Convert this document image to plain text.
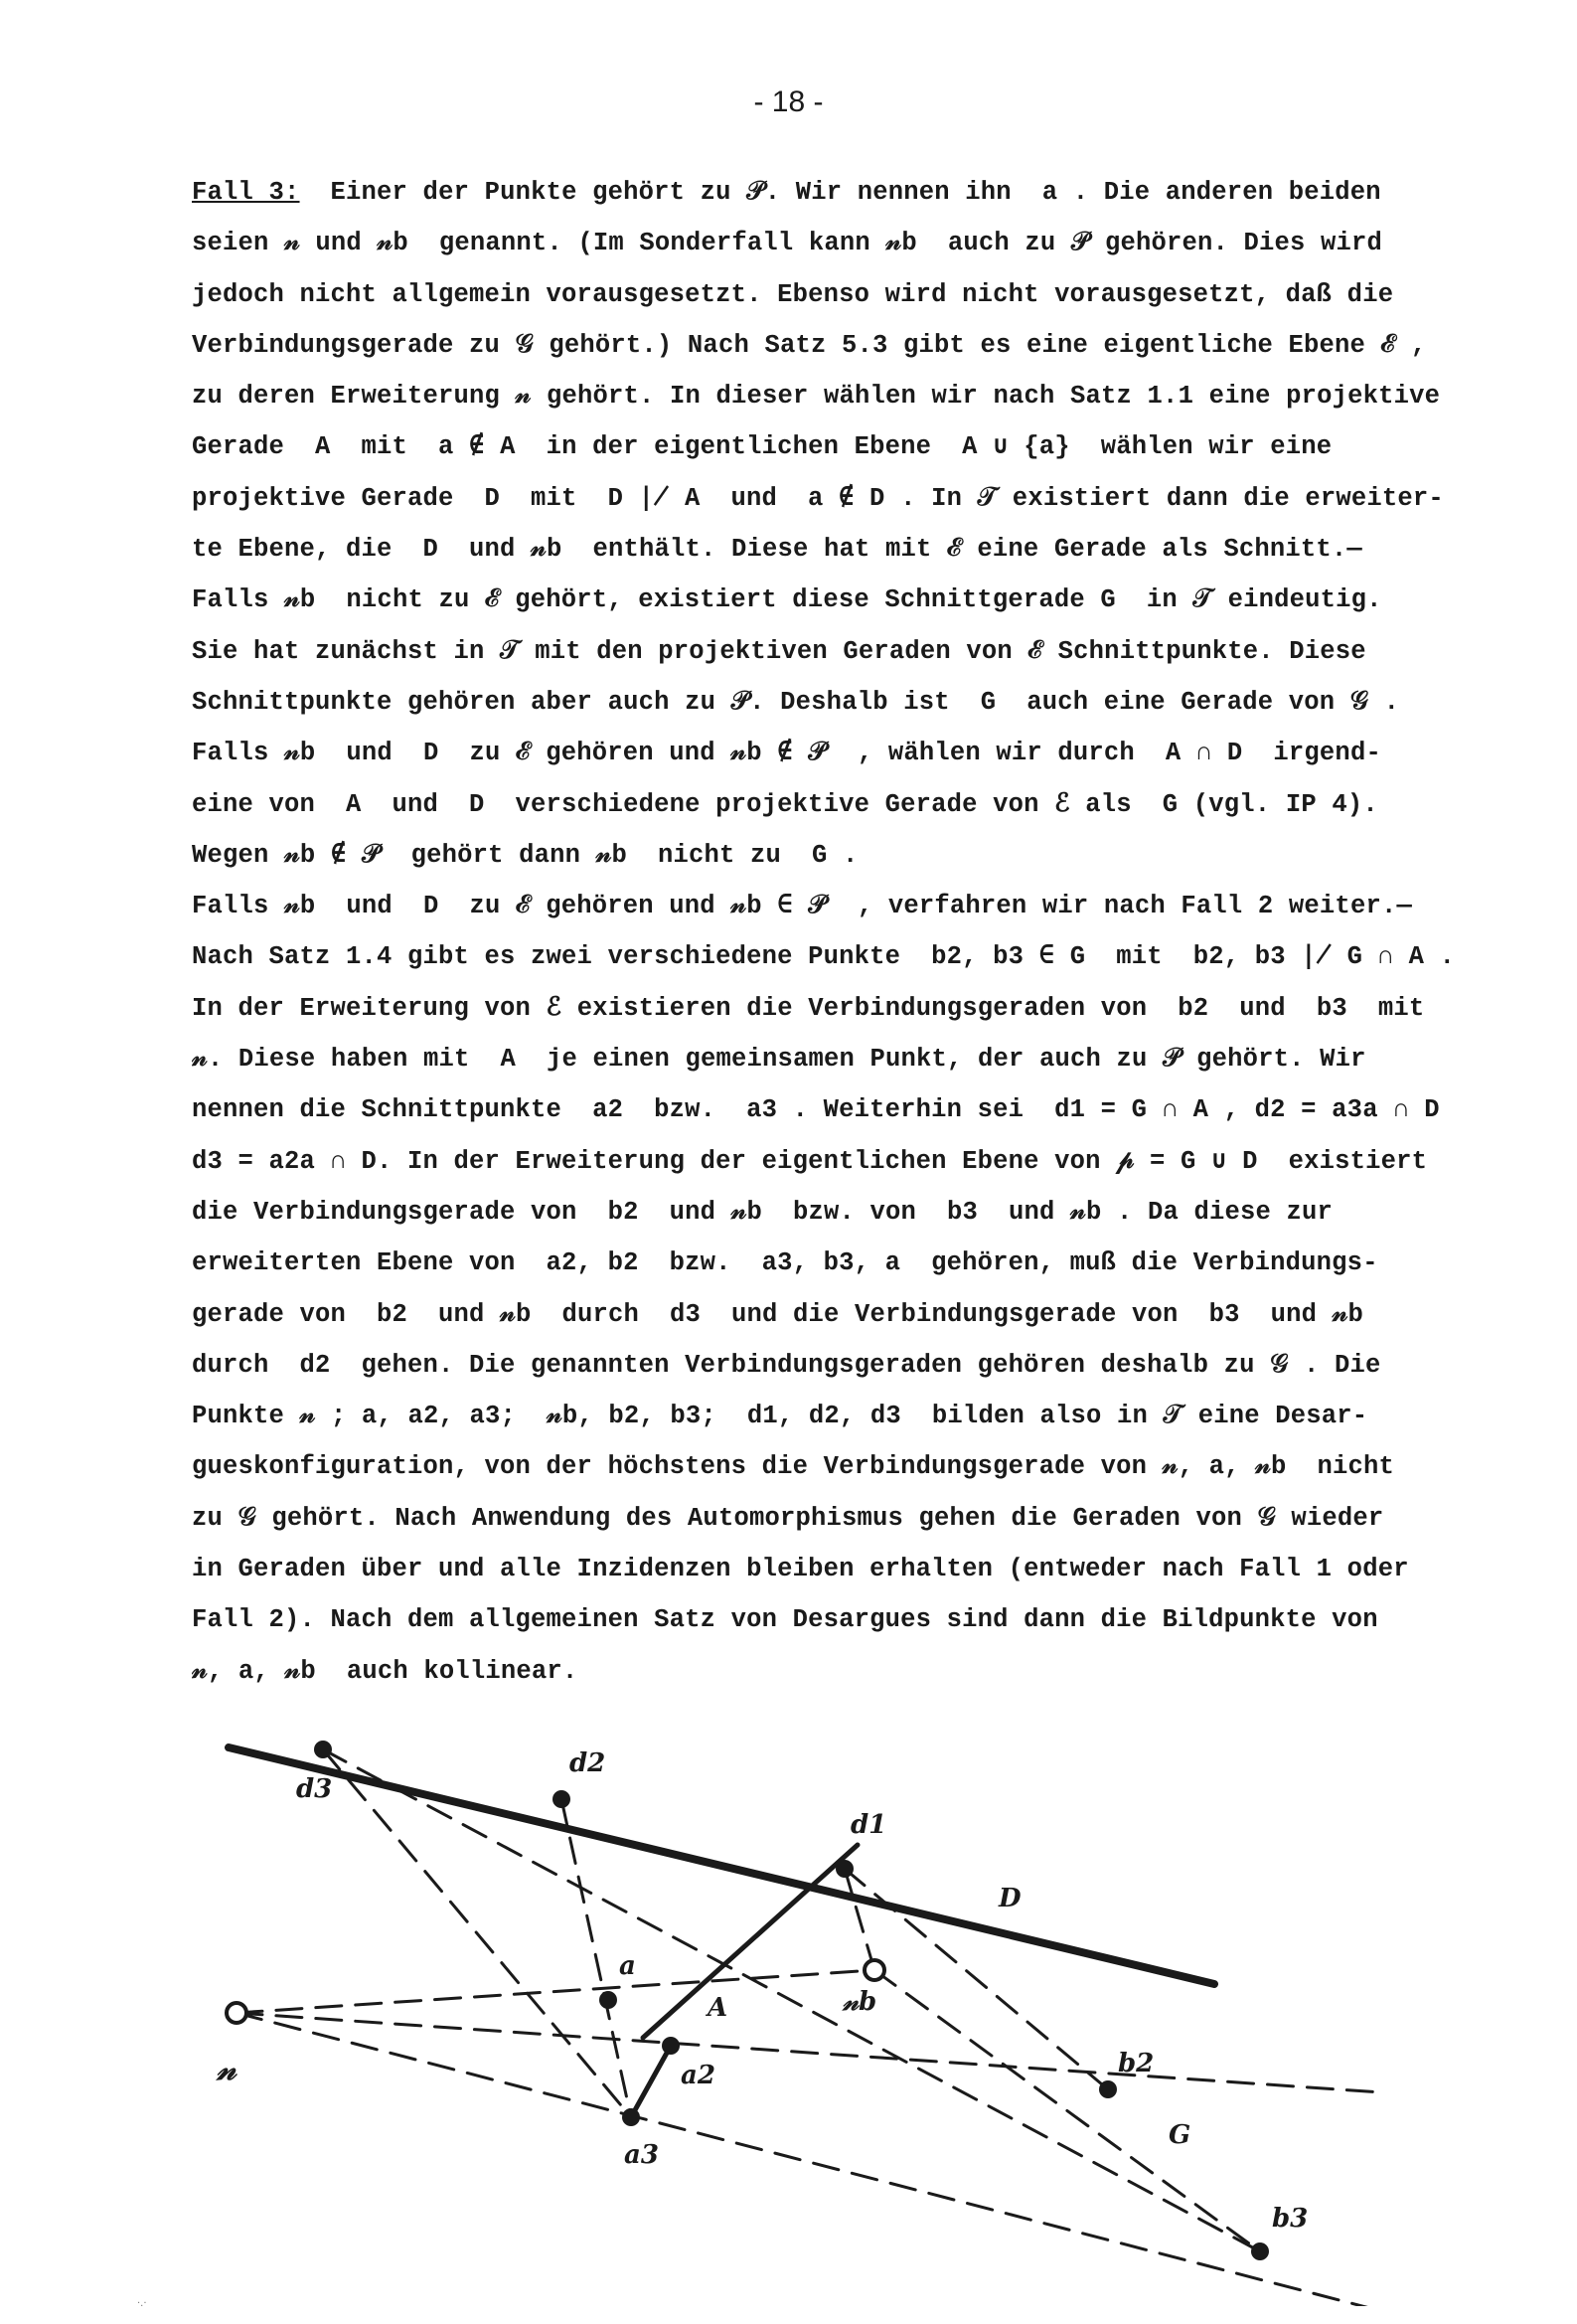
- 18 -
Fall 3: Einer der Punkte gehört zu 𝒫. Wir nennen ihn  a . Die anderen beiden
seien 𝓃 und 𝓃b  genannt. (Im Sonderfall kann 𝓃b  auch zu 𝒫 gehören. Dies wird
jedoch nicht allgemein vorausgesetzt. Ebenso wird nicht vorausgesetzt, daß die
Verbindungsgerade zu 𝒢 gehört.) Nach Satz 5.3 gibt es eine eigentliche Ebene ℰ ,
zu deren Erweiterung 𝓃 gehört. In dieser wählen wir nach Satz 1.1 eine projektive
Gerade  A  mit  a ∉ A  in der eigentlichen Ebene  A ∪ {a}  wählen wir eine
projektive Gerade  D  mit  D ∤ A  und  a ∉ D . In 𝒯 existiert dann die erweiter-
te Ebene, die  D  und 𝓃b  enthält. Diese hat mit ℰ eine Gerade als Schnitt.—
Falls 𝓃b  nicht zu ℰ gehört, existiert diese Schnittgerade G  in 𝒯 eindeutig.
Sie hat zunächst in 𝒯 mit den projektiven Geraden von ℰ Schnittpunkte. Diese
Schnittpunkte gehören aber auch zu 𝒫. Deshalb ist  G  auch eine Gerade von 𝒢 .
Falls 𝓃b  und  D  zu ℰ gehören und 𝓃b ∉ 𝒫  , wählen wir durch  A ∩ D  irgend-
eine von  A  und  D  verschiedene projektive Gerade von ℰ als  G (vgl. IP 4).
Wegen 𝓃b ∉ 𝒫  gehört dann 𝓃b  nicht zu  G .
Falls 𝓃b  und  D  zu ℰ gehören und 𝓃b ∈ 𝒫  , verfahren wir nach Fall 2 weiter.—
Nach Satz 1.4 gibt es zwei verschiedene Punkte  b2, b3 ∈ G  mit  b2, b3 ∤ G ∩ A .
In der Erweiterung von ℰ existieren die Verbindungsgeraden von  b2  und  b3  mit
𝓃. Diese haben mit  A  je einen gemeinsamen Punkt, der auch zu 𝒫 gehört. Wir
nennen die Schnittpunkte  a2  bzw.  a3 . Weiterhin sei  d1 = G ∩ A , d2 = a3a ∩ D
d3 = a2a ∩ D. In der Erweiterung der eigentlichen Ebene von 𝓅 = G ∪ D  existiert
die Verbindungsgerade von  b2  und 𝓃b  bzw. von  b3  und 𝓃b . Da diese zur
erweiterten Ebene von  a2, b2  bzw.  a3, b3, a  gehören, muß die Verbindungs-
gerade von  b2  und 𝓃b  durch  d3  und die Verbindungsgerade von  b3  und 𝓃b
durch  d2  gehen. Die genannten Verbindungsgeraden gehören deshalb zu 𝒢 . Die
Punkte 𝓃 ; a, a2, a3;  𝓃b, b2, b3;  d1, d2, d3  bilden also in 𝒯 eine Desar-
gueskonfiguration, von der höchstens die Verbindungsgerade von 𝓃, a, 𝓃b  nicht
zu 𝒢 gehört. Nach Anwendung des Automorphismus gehen die Geraden von 𝒢 wieder
in Geraden über und alle Inzidenzen bleiben erhalten (entweder nach Fall 1 oder
Fall 2). Nach dem allgemeinen Satz von Desargues sind dann die Bildpunkte von
𝓃, a, 𝓃b  auch kollinear.
d3
d2
d1
D
a
A	𝓃b
𝓃	a2
a3
b2
b3
G
·.·
